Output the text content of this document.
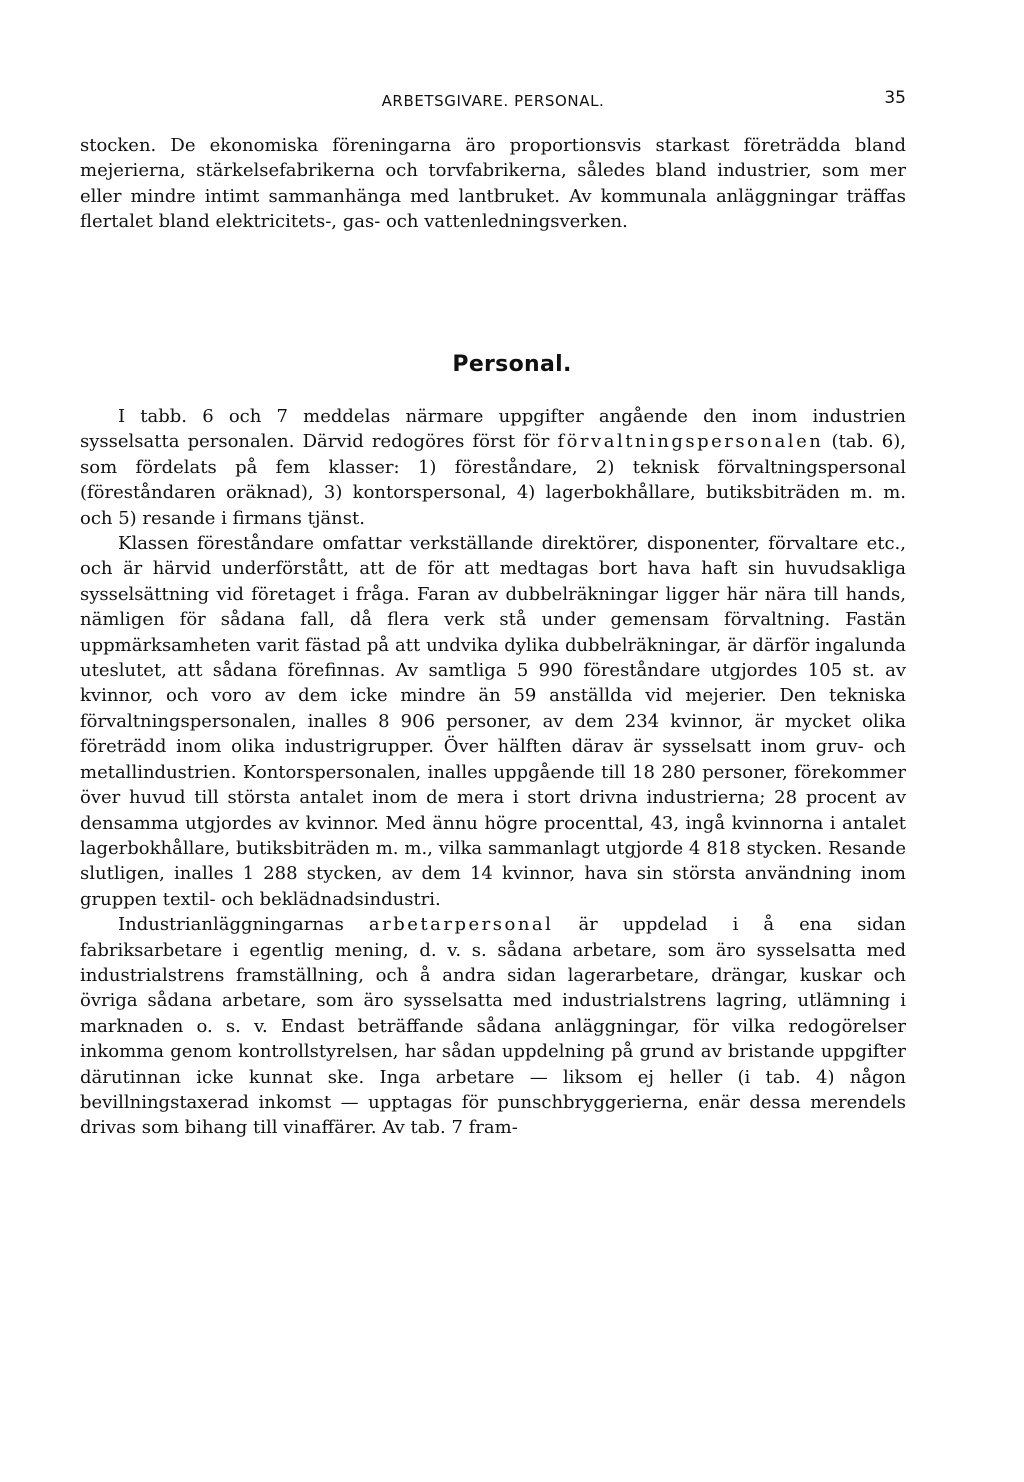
ARBETSGIVARE. PERSONAL.	35

stocken. De ekonomiska föreningarna äro proportionsvis starkast företrädda bland mejerierna, stärkelsefabrikerna och torvfabrikerna, således bland industrier, som mer eller mindre intimt sammanhänga med lantbruket. Av kommunala anläggningar träffas flertalet bland elektricitets-, gas- och vattenledningsverken.

Personal.

I tabb. 6 och 7 meddelas närmare uppgifter angående den inom industrien sysselsatta personalen. Därvid redogöres först för förvaltningspersonalen (tab. 6), som fördelats på fem klasser: 1) föreståndare, 2) teknisk förvaltningspersonal (föreståndaren oräknad), 3) kontorspersonal, 4) lagerbokhållare, butiksbiträden m. m. och 5) resande i firmans tjänst.

Klassen föreståndare omfattar verkställande direktörer, disponenter, förvaltare etc., och är härvid underförstått, att de för att medtagas bort hava haft sin huvudsakliga sysselsättning vid företaget i fråga. Faran av dubbelräkningar ligger här nära till hands, nämligen för sådana fall, då flera verk stå under gemensam förvaltning. Fastän uppmärksamheten varit fästad på att undvika dylika dubbelräkningar, är därför ingalunda uteslutet, att sådana förefinnas. Av samtliga 5 990 föreståndare utgjordes 105 st. av kvinnor, och voro av dem icke mindre än 59 anställda vid mejerier. Den tekniska förvaltningspersonalen, inalles 8 906 personer, av dem 234 kvinnor, är mycket olika företrädd inom olika industrigrupper. Över hälften därav är sysselsatt inom gruv- och metallindustrien. Kontorspersonalen, inalles uppgående till 18 280 personer, förekommer över huvud till största antalet inom de mera i stort drivna industrierna; 28 procent av densamma utgjordes av kvinnor. Med ännu högre procenttal, 43, ingå kvinnorna i antalet lagerbokhållare, butiksbiträden m. m., vilka sammanlagt utgjorde 4 818 stycken. Resande slutligen, inalles 1 288 stycken, av dem 14 kvinnor, hava sin största användning inom gruppen textil- och beklädnadsindustri.

Industrianläggningarnas arbetarpersonal är uppdelad i å ena sidan fabriksarbetare i egentlig mening, d. v. s. sådana arbetare, som äro sysselsatta med industrialstrens framställning, och å andra sidan lagerarbetare, drängar, kuskar och övriga sådana arbetare, som äro sysselsatta med industrialstrens lagring, utlämning i marknaden o. s. v. Endast beträffande sådana anläggningar, för vilka redogörelser inkomma genom kontrollstyrelsen, har sådan uppdelning på grund av bristande uppgifter därutinnan icke kunnat ske. Inga arbetare — liksom ej heller (i tab. 4) någon bevillningstaxerad inkomst — upptagas för punschbryggerierna, enär dessa merendels drivas som bihang till vinaffärer. Av tab. 7 fram-
